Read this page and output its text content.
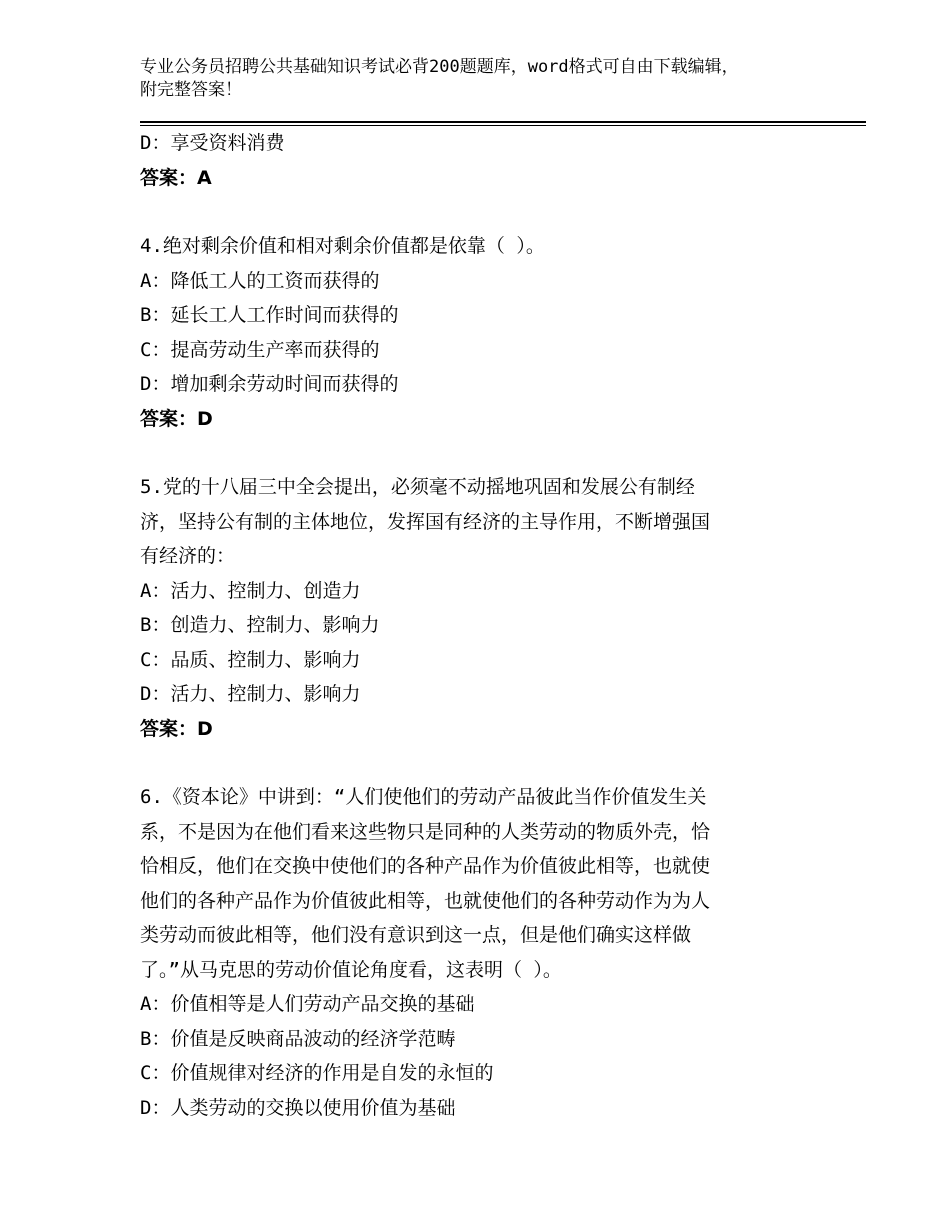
专业公务员招聘公共基础知识考试必背200题题库，word格式可自由下载编辑，
附完整答案！
D：享受资料消费
答案：A
4.绝对剩余价值和相对剩余价值都是依靠（ ）。
A：降低工人的工资而获得的
B：延长工人工作时间而获得的
C：提高劳动生产率而获得的
D：增加剩余劳动时间而获得的
答案：D
5.党的十八届三中全会提出，必须毫不动摇地巩固和发展公有制经
济，坚持公有制的主体地位，发挥国有经济的主导作用，不断增强国
有经济的：
A：活力、控制力、创造力
B：创造力、控制力、影响力
C：品质、控制力、影响力
D：活力、控制力、影响力
答案：D
6.《资本论》中讲到：“人们使他们的劳动产品彼此当作价值发生关
系，不是因为在他们看来这些物只是同种的人类劳动的物质外壳，恰
恰相反，他们在交换中使他们的各种产品作为价值彼此相等，也就使
他们的各种产品作为价值彼此相等，也就使他们的各种劳动作为为人
类劳动而彼此相等，他们没有意识到这一点，但是他们确实这样做
了。”从马克思的劳动价值论角度看，这表明（ ）。
A：价值相等是人们劳动产品交换的基础
B：价值是反映商品波动的经济学范畴
C：价值规律对经济的作用是自发的永恒的
D：人类劳动的交换以使用价值为基础
